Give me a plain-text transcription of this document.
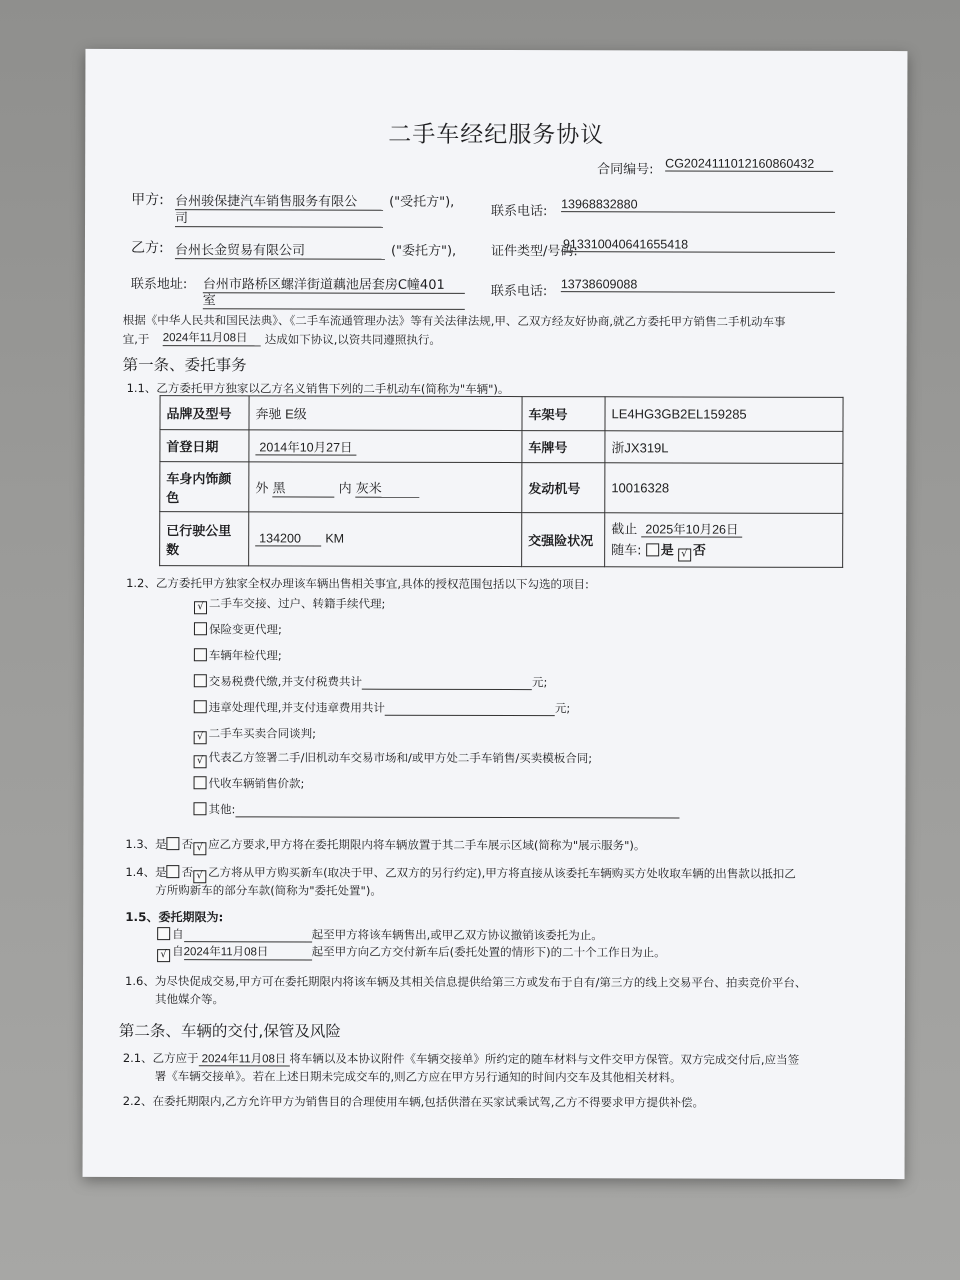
二手车经纪服务协议
合同编号: CG2024111012160860432
甲方: 台州骏保捷汽车销售服务有限公
司
("受托方"),
联系电话: 13968832880
乙方: 台州长金贸易有限公司	("委托方"),	证件类型/号码:
913310040641655418
联系地址: 台州市路桥区螺洋街道藕池居套房C幢401
室
联系电话: 13738609088
根据《中华人民共和国民法典》、《二手车流通管理办法》等有关法律法规,甲、乙双方经友好协商,就乙方委托甲方销售二手机动车事
宜,于 2024年11月08日	达成如下协议,以资共同遵照执行。
第一条、委托事务
1.1、乙方委托甲方独家以乙方名义销售下列的二手机动车(简称为"车辆")。
品牌及型号	奔驰 E级	车架号	LE4HG3GB2EL159285
首登日期	2014年10月27日	车牌号	浙JX319L
车身内饰颜色	外 黑 内 灰米	发动机号	10016328
已行驶公里数	134200 KM	交强险状况	截止 2025年10月26日
随车: 是 √ 否
1.2、乙方委托甲方独家全权办理该车辆出售相关事宜,具体的授权范围包括以下勾选的项目:
√ 二手车交接、过户、转籍手续代理;
保险变更代理;
车辆年检代理;
交易税费代缴,并支付税费共计	元;
违章处理代理,并支付违章费用共计	元;
√ 二手车买卖合同谈判;
√ 代表乙方签署二手/旧机动车交易市场和/或甲方处二手车销售/买卖模板合同;
代收车辆销售价款;
其他:
1.3、是 否 √ 应乙方要求,甲方将在委托期限内将车辆放置于其二手车展示区域(简称为"展示服务")。
1.4、是 否 √ 乙方将从甲方购买新车(取决于甲、乙双方的另行约定),甲方将直接从该委托车辆购买方处收取车辆的出售款以抵扣乙
方所购新车的部分车款(简称为"委托处置")。
1.5、委托期限为:
自	起至甲方将该车辆售出,或甲乙双方协议撤销该委托为止。
√ 自2024年11月08日	起至甲方向乙方交付新车后(委托处置的情形下)的二十个工作日为止。
1.6、为尽快促成交易,甲方可在委托期限内将该车辆及其相关信息提供给第三方或发布于自有/第三方的线上交易平台、拍卖竞价平台、
其他媒介等。
第二条、车辆的交付,保管及风险
2.1、乙方应于 2024年11月08日 将车辆以及本协议附件《车辆交接单》所约定的随车材料与文件交甲方保管。双方完成交付后,应当签
署《车辆交接单》。若在上述日期未完成交车的,则乙方应在甲方另行通知的时间内交车及其他相关材料。
2.2、在委托期限内,乙方允许甲方为销售目的合理使用车辆,包括供潜在买家试乘试驾,乙方不得要求甲方提供补偿。
